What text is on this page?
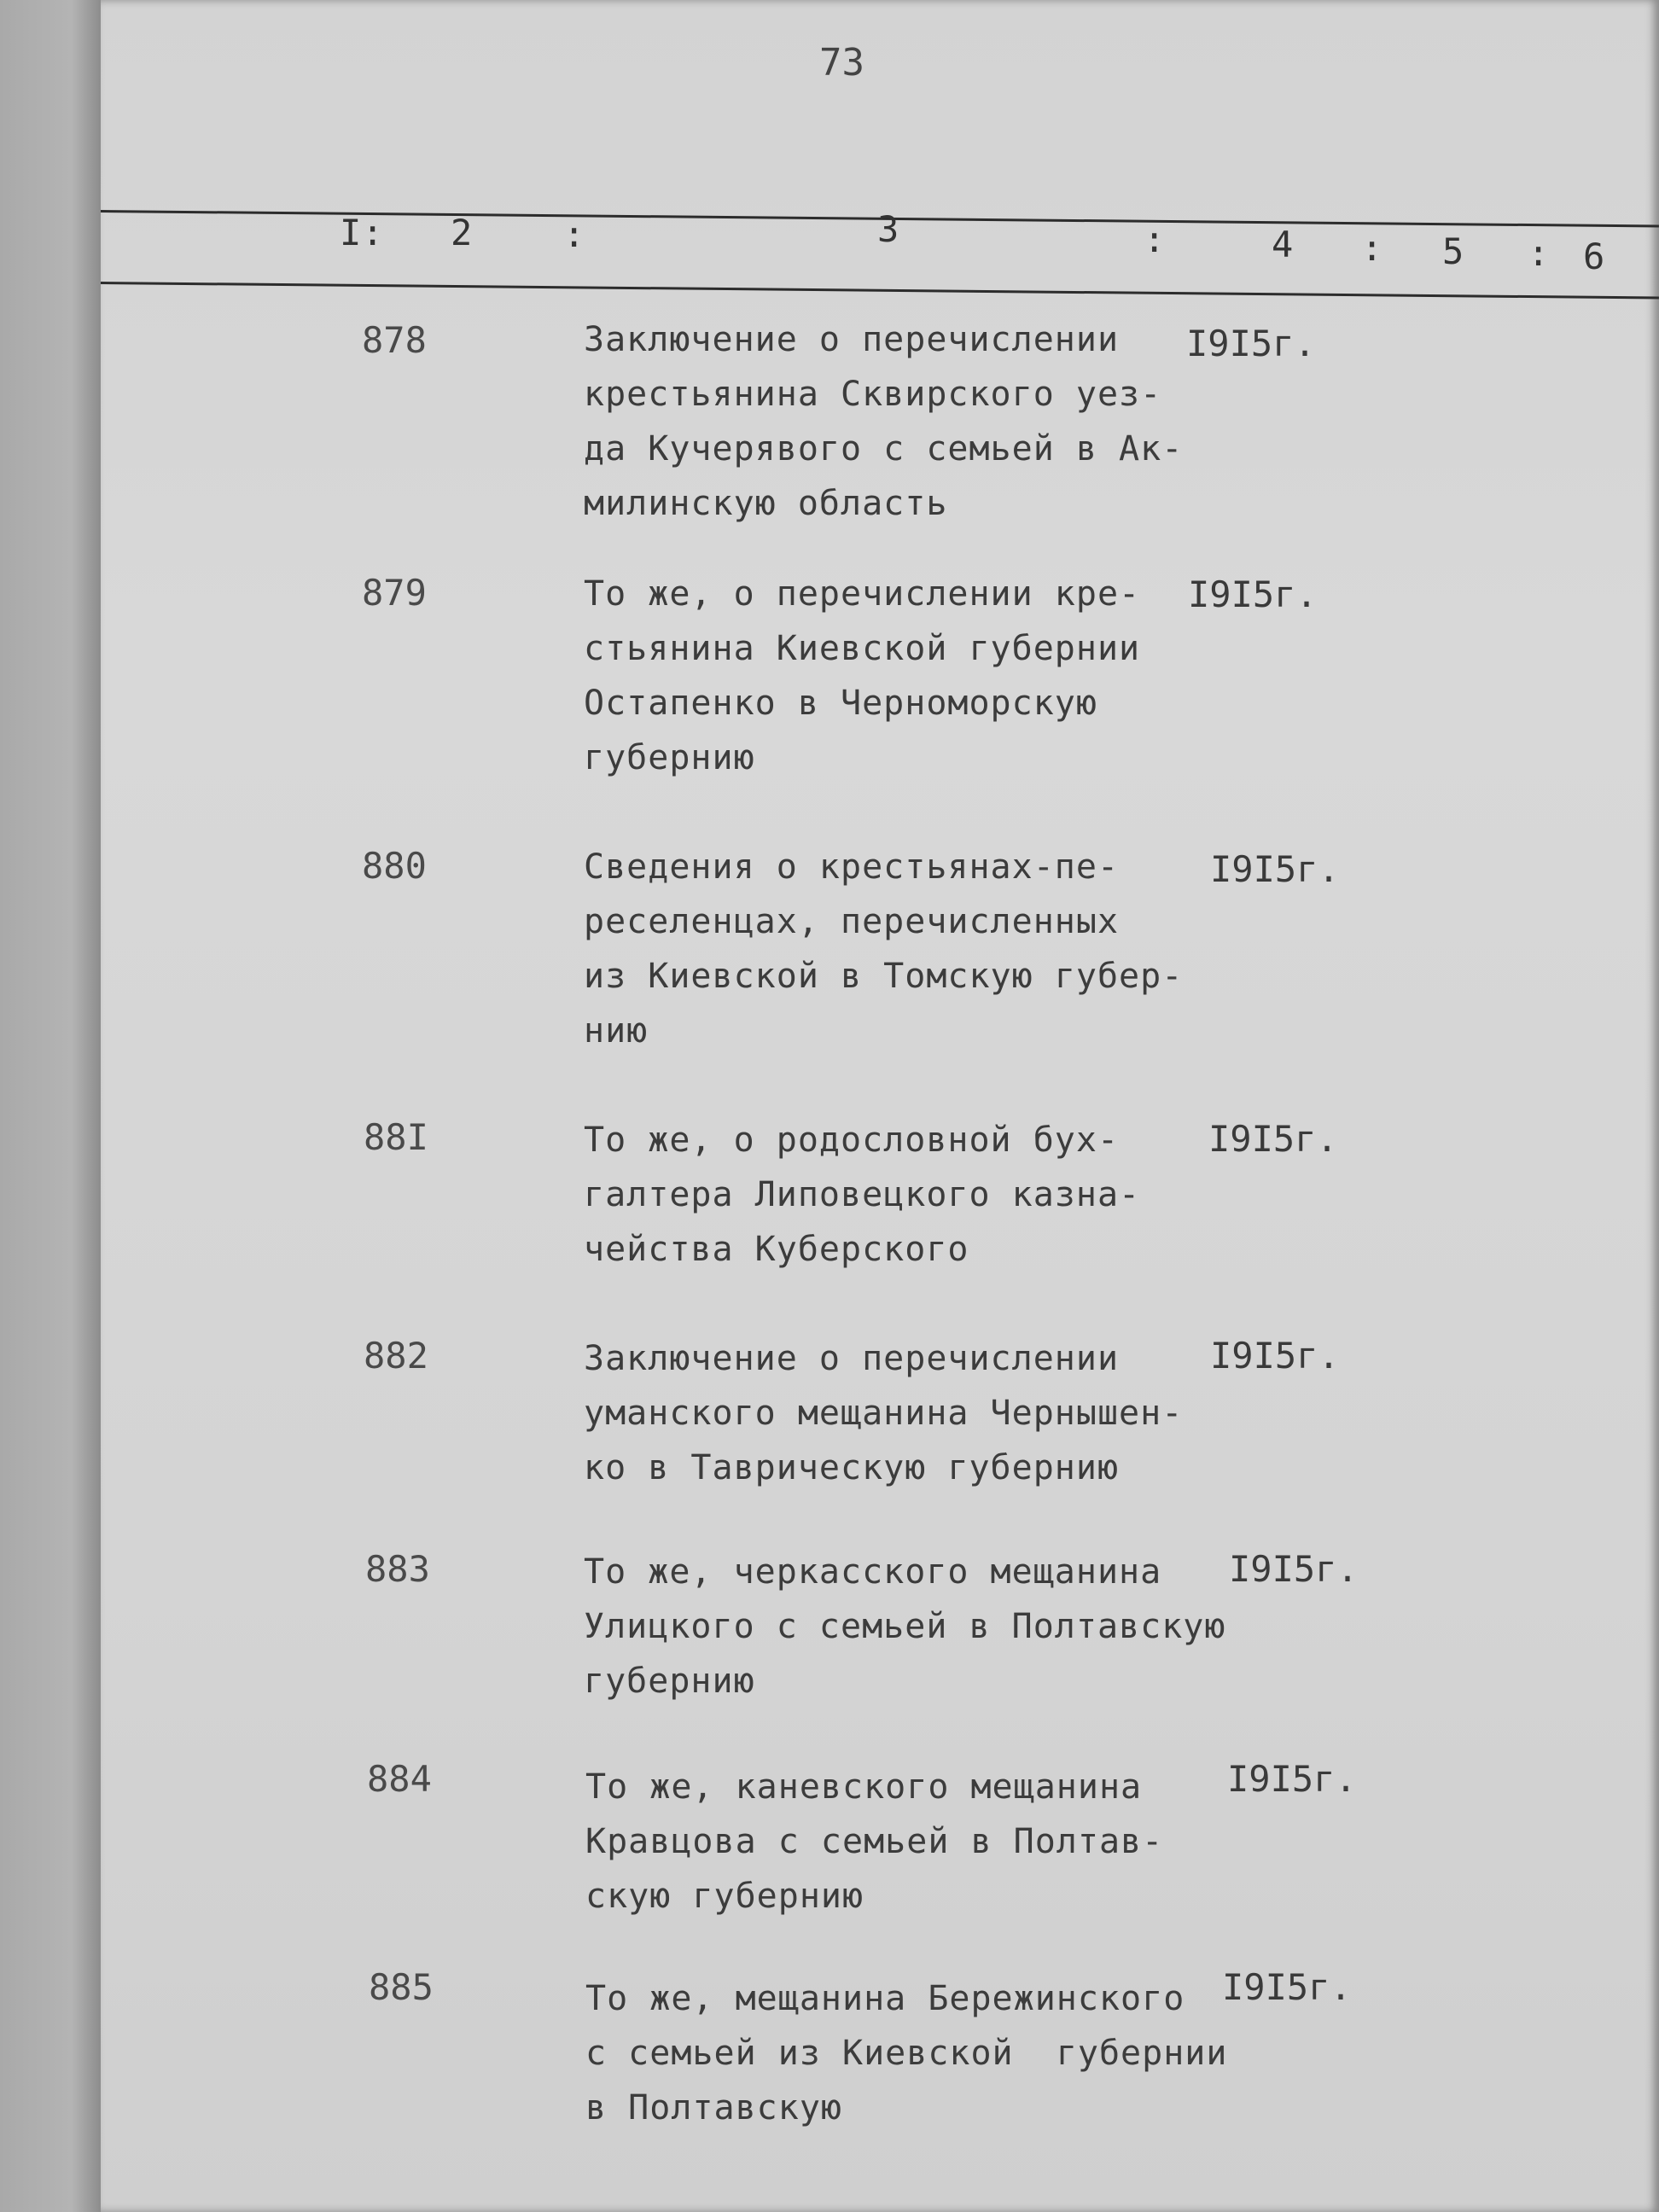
73
I : 2	:	3	:	4 : 5 : 6
878	Заключение о перечислении
крестьянина Сквирского уез-
да Кучерявого с семьей в Ак-
милинскую область
I9I5г.
879	То же, о перечислении кре-
стьянина Киевской губернии
Остапенко в Черноморскую
губернию
I9I5г.
880	Сведения о крестьянах-пе-
реселенцах, перечисленных
из Киевской в Томскую губер-
нию
I9I5г.
88I	То же, о родословной бух-
галтера Липовецкого казна-
чейства Куберского
I9I5г.
882	Заключение о перечислении
уманского мещанина Чернышен-
ко в Таврическую губернию
I9I5г.
883	То же, черкасского мещанина
Улицкого с семьей в Полтавскую
губернию
I9I5г.
884	То же, каневского мещанина
Кравцова с семьей в Полтав-
скую губернию
I9I5г.
885	То же, мещанина Бережинского
с семьей из Киевской  губернии
в Полтавскую
I9I5г.
